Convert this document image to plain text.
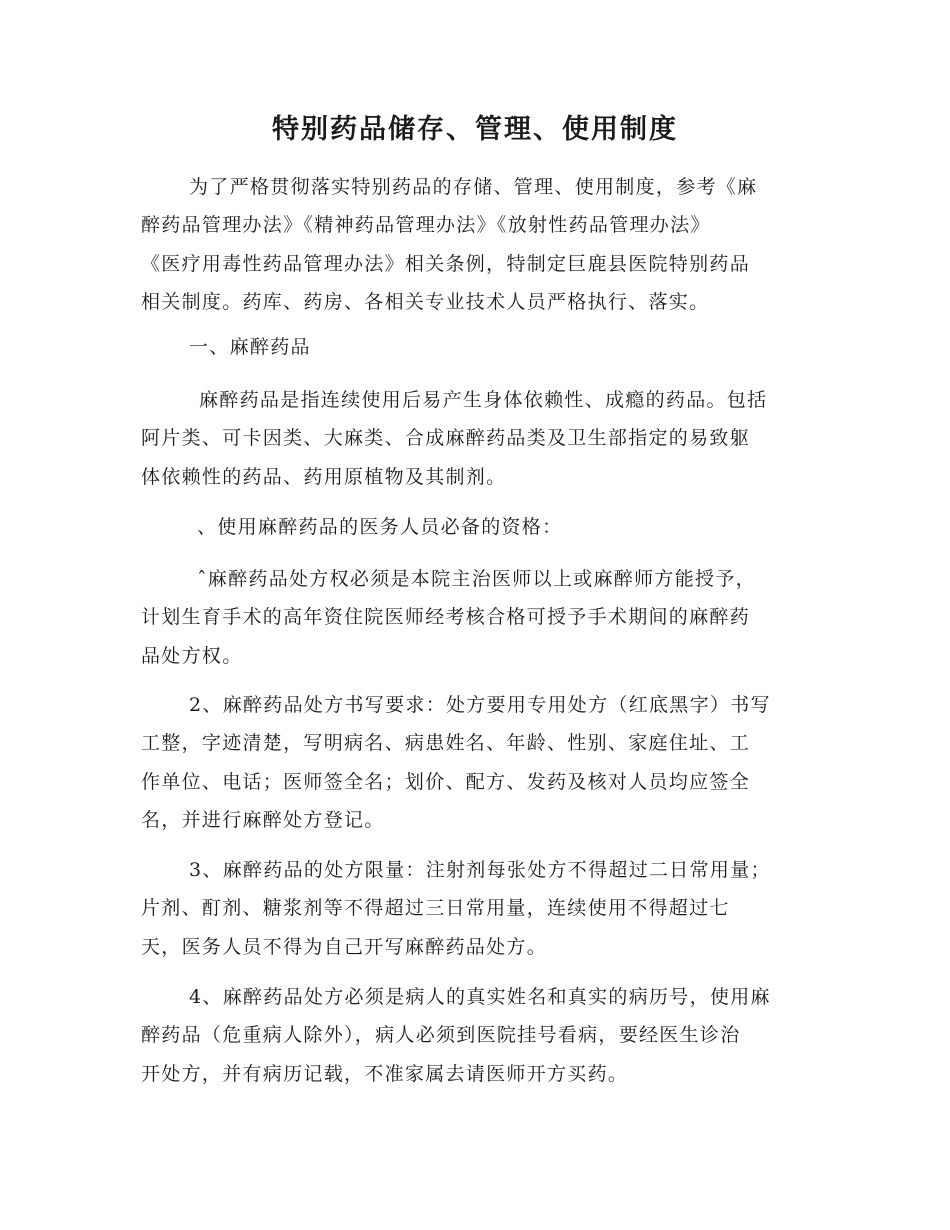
特别药品储存、管理、使用制度
为了严格贯彻落实特别药品的存储、管理、使用制度，参考《麻
醉药品管理办法》《精神药品管理办法》《放射性药品管理办法》
《医疗用毒性药品管理办法》相关条例，特制定巨鹿县医院特别药品
相关制度。药库、药房、各相关专业技术人员严格执行、落实。

一、麻醉药品

麻醉药品是指连续使用后易产生身体依赖性、成瘾的药品。包括
阿片类、可卡因类、大麻类、合成麻醉药品类及卫生部指定的易致躯
体依赖性的药品、药用原植物及其制剂。

、使用麻醉药品的医务人员必备的资格：

ˆ麻醉药品处方权必须是本院主治医师以上或麻醉师方能授予，
计划生育手术的高年资住院医师经考核合格可授予手术期间的麻醉药
品处方权。
2、麻醉药品处方书写要求：处方要用专用处方（红底黑字）书写
工整，字迹清楚，写明病名、病患姓名、年龄、性别、家庭住址、工
作单位、电话；医师签全名；划价、配方、发药及核对人员均应签全
名，并进行麻醉处方登记。
3、麻醉药品的处方限量：注射剂每张处方不得超过二日常用量；
片剂、酊剂、糖浆剂等不得超过三日常用量，连续使用不得超过七
天，医务人员不得为自己开写麻醉药品处方。
4、麻醉药品处方必须是病人的真实姓名和真实的病历号，使用麻
醉药品（危重病人除外），病人必须到医院挂号看病，要经医生诊治
开处方，并有病历记载，不准家属去请医师开方买药。
